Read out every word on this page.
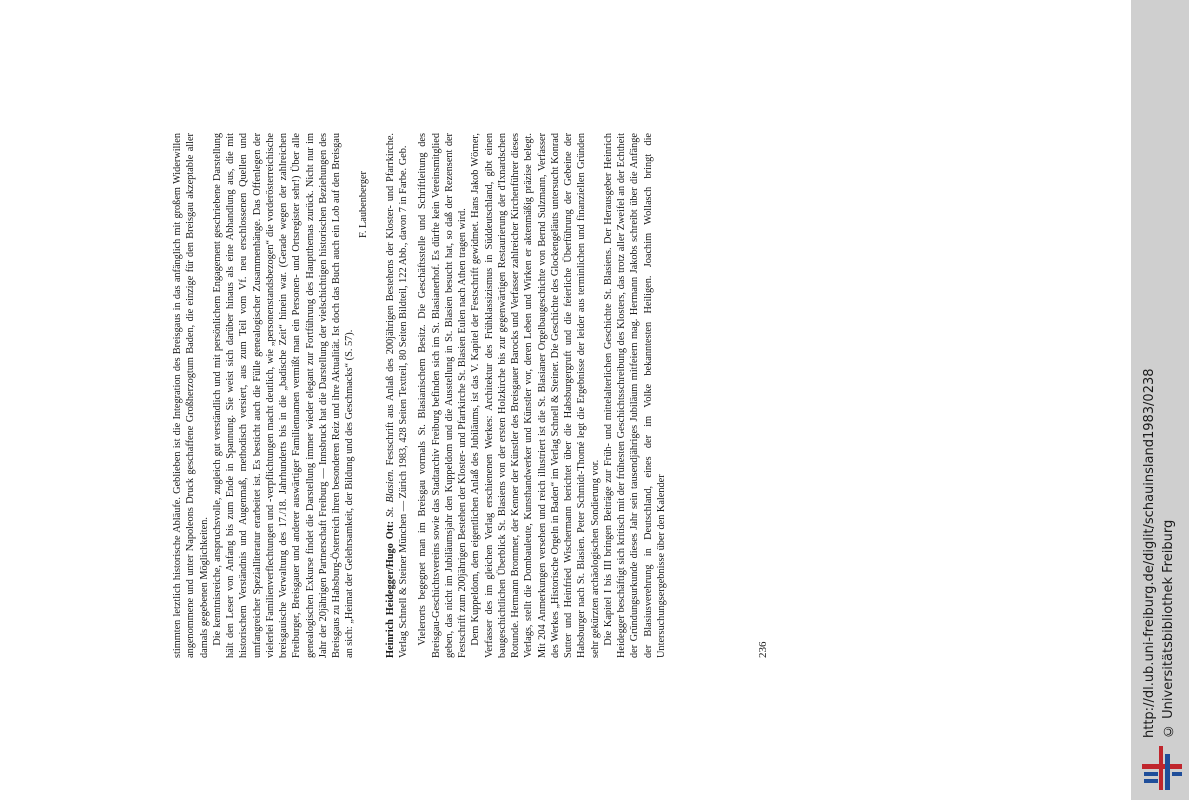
stimmten letztlich historische Abläufe. Geblieben ist die Integration des Breisgaus in das anfänglich mit großem Widerwillen angenommene und unter Napoleons Druck geschaffene Großherzogtum Baden, die einzige für den Breisgau akzeptable aller damals gegebenen Möglichkeiten. Die kenntnisreiche, anspruchsvolle, zugleich gut verständlich und mit persönlichem Engagement geschriebene Darstellung hält den Leser von Anfang bis zum Ende in Spannung. Sie weist sich darüber hinaus als eine Abhandlung aus, die mit historischem Verständnis und Augenmaß, methodisch versiert, aus zum Teil vom Vf. neu erschlossenen Quellen und umfangreicher Spezialliteratur erarbeitet ist. Es besticht auch die Fülle genealogischer Zusammenhänge. Das Offenlegen der vielerlei Familienverflechtungen und -verpflichtungen macht deutlich, wie „personenstandsbezogen“ die vorderösterreichische breisgauische Verwaltung des 17./18. Jahrhunderts bis in die „badische Zeit“ hinein war. (Gerade wegen der zahlreichen Freiburger, Breisgauer und anderer auswärtiger Familiennamen vermißt man ein Personen- und Ortsregister sehr!) Über alle genealogischen Exkurse findet die Darstellung immer wieder elegant zur Fortführung des Hauptthemas zurück. Nicht nur im Jahr der 20jährigen Partnerschaft Freiburg — Innsbruck hat die Darstellung der vielschichtigen historischen Beziehungen des Breisgaus zu Habsburg-Österreich ihren besonderen Reiz und ihre Aktualität. Ist doch das Buch auch ein Lob auf den Breisgau an sich: „Heimat der Gelehrsamkeit, der Bildung und des Geschmacks“ (S. 57).

F. Laubenberger

Heinrich Heidegger/Hugo Ott: St. Blasien. Festschrift aus Anlaß des 200jährigen Bestehens der Kloster- und Pfarrkirche. Verlag Schnell & Steiner München — Zürich 1983, 428 Seiten Textteil, 80 Seiten Bildteil, 122 Abb., davon 7 in Farbe. Geb. Vielerorts begegnet man im Breisgau vormals St. Blasianischem Besitz. Die Geschäftsstelle und Schriftleitung des Breisgau-Geschichtsvereins sowie das Stadtarchiv Freiburg befinden sich im St. Blasianerhof. Es dürfte kein Vereinsmitglied geben, das nicht im Jubiläumsjahr den Kuppeldom und die Ausstellung in St. Blasien besucht hat, so daß der Rezensent der Festschrift zum 200jährigen Bestehen der Kloster- und Pfarrkirche St. Blasien Eulen nach Athen tragen wird. Dem Kuppeldom, dem eigentlichen Anlaß des Jubiläums, ist das V. Kapitel der Festschrift gewidmet. Hans Jakob Wörner, Verfasser des im gleichen Verlag erschienenen Werkes: Architektur des Frühklassizismus in Süddeutschland, gibt einen baugeschichtlichen Überblick St. Blasiens von der ersten Holzkirche bis zur gegenwärtigen Restaurierung der d'Ixnardschen Rotunde. Hermann Brommer, der Kenner der Künstler des Breisgauer Barocks und Verfasser zahlreicher Kirchenführer dieses Verlags, stellt die Dombauleute, Kunsthandwerker und Künstler vor, deren Leben und Wirken er aktenmäßig präzise belegt. Mit 204 Anmerkungen versehen und reich illustriert ist die St. Blasianer Orgelbaugeschichte von Bernd Sulzmann, Verfasser des Werkes „Historische Orgeln in Baden“ im Verlag Schnell & Steiner. Die Geschichte des Glockengeläuts untersucht Konrad Sutter und Heinfried Wischermann berichtet über die Habsburgergruft und die feierliche Überführung der Gebeine der Habsburger nach St. Blasien. Peter Schmidt-Thomé legt die Ergebnisse der leider aus terminlichen und finanziellen Gründen sehr gekürzten archäologischen Sondierung vor. Die Kapitel I bis III bringen Beiträge zur Früh- und mittelalterlichen Geschichte St. Blasiens. Der Herausgeber Heinrich Heidegger beschäftigt sich kritisch mit der frühesten Geschichtsschreibung des Klosters, das trotz aller Zweifel an der Echtheit der Gründungsurkunde dieses Jahr sein tausendjähriges Jubiläum mitfeiern mag. Hermann Jakobs schreibt über die Anfänge der Blasiusverehrung in Deutschland, eines der im Volke bekanntesten Heiligen. Joachim Wollasch bringt die Untersuchungsergebnisse über den Kalender	236	http://dl.ub.uni-freiburg.de/diglit/schauinsland1983/0238 © Universitätsbibliothek Freiburg
